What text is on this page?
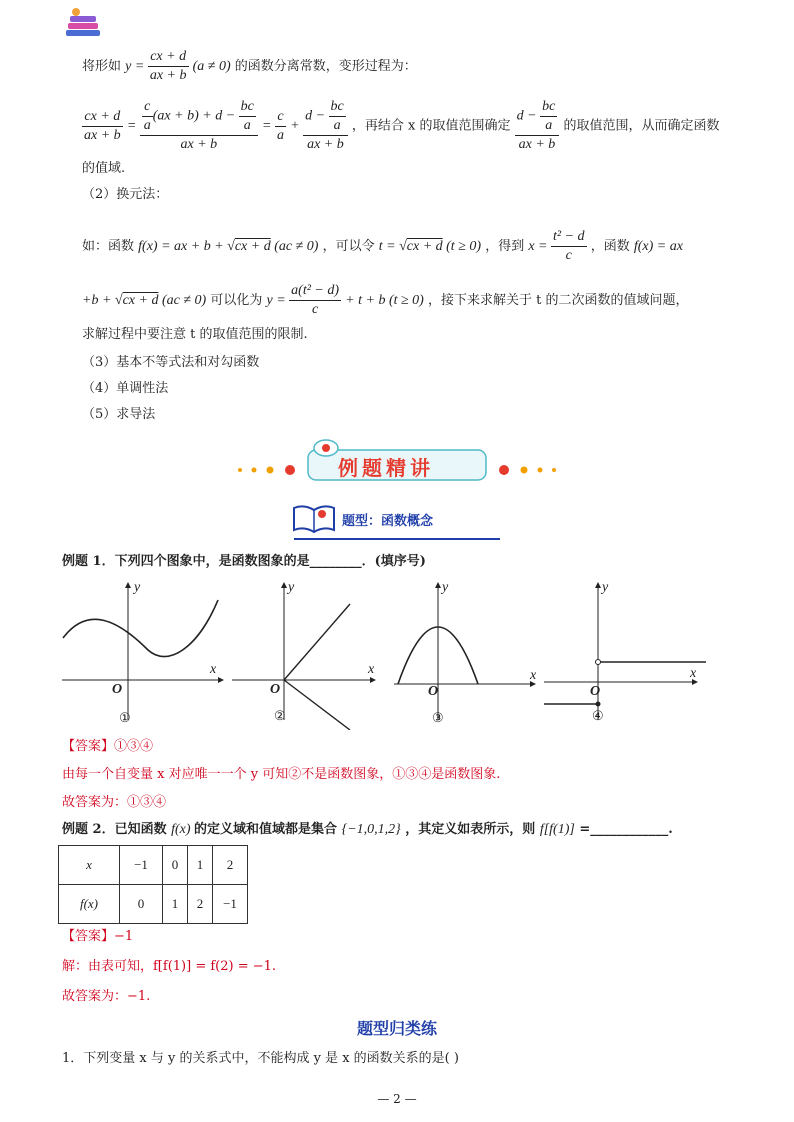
将形如 $y = \frac{cx + d}{ax + b} (a \ne 0)$ 的函数分离常数，变形过程为：
$\frac{cx + d}{ax + b} = \frac{\frac{c}{a} (ax + b) + d - \frac{bc}{a}}{ax + b} = \frac{c}{a} + \frac{d - \frac{bc}{a}}{ax + b}$ ，再结合 x 的取值范围确定 $\frac{d - \frac{bc}{a}}{ax + b}$ 的取值范围，从而确定函数
的值域.
（2）换元法：
如：函数 f(x) = ax + b + √cx + d (ac ≠ 0) ，可以令 t = √cx + d (t ≥ 0) ，得到 $x = \frac{\text{t² − d}}{c}$ ，函数 f(x) = ax
+b + √cx + d (ac ≠ 0) 可以化为 $y = \frac{\text{a(t² − d)}}{c} + t + b$ (t ≥ 0) ，接下来求解关于 t 的二次函数的值域问题，
求解过程中要注意 t 的取值范围的限制.
（3）基本不等式法和对勾函数
（4）单调性法
（5）求导法
例题精讲
题型：函数概念
例题 1．下列四个图象中，是函数图象的是________．(填序号)
x
y
O
①
x
y
O
②
x
y
O
③
x
y
O
④
【答案】①③④
由每一个自变量 x 对应唯一一个 y 可知②不是函数图象，①③④是函数图象.
故答案为：①③④
例题 2．已知函数 f(x) 的定义域和值域都是集合 {−1,0,1,2} ，其定义如表所示，则 f[f(1)] =____________.
x	−1	0	1	2
f(x)	0	1	2	−1
【答案】−1
解：由表可知，f[f(1)] = f(2) = −1.
故答案为：−1.
题型归类练
1．下列变量 x 与 y 的关系式中，不能构成 y 是 x 的函数关系的是( )
— 2 —
